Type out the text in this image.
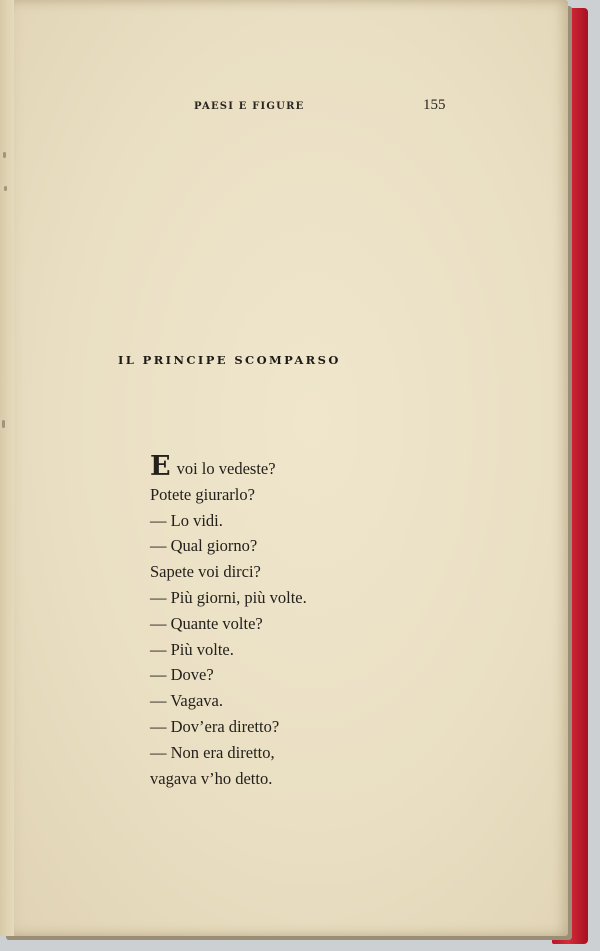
PAESI E FIGURE	155
IL PRINCIPE SCOMPARSO
Evoi lo vedeste?
Potete giurarlo?
— Lo vidi.
— Qual giorno?
Sapete voi dirci?
— Più giorni, più volte.
— Quante volte?
— Più volte.
— Dove?
— Vagava.
— Dov’era diretto?
— Non era diretto,
vagava v’ho detto.
